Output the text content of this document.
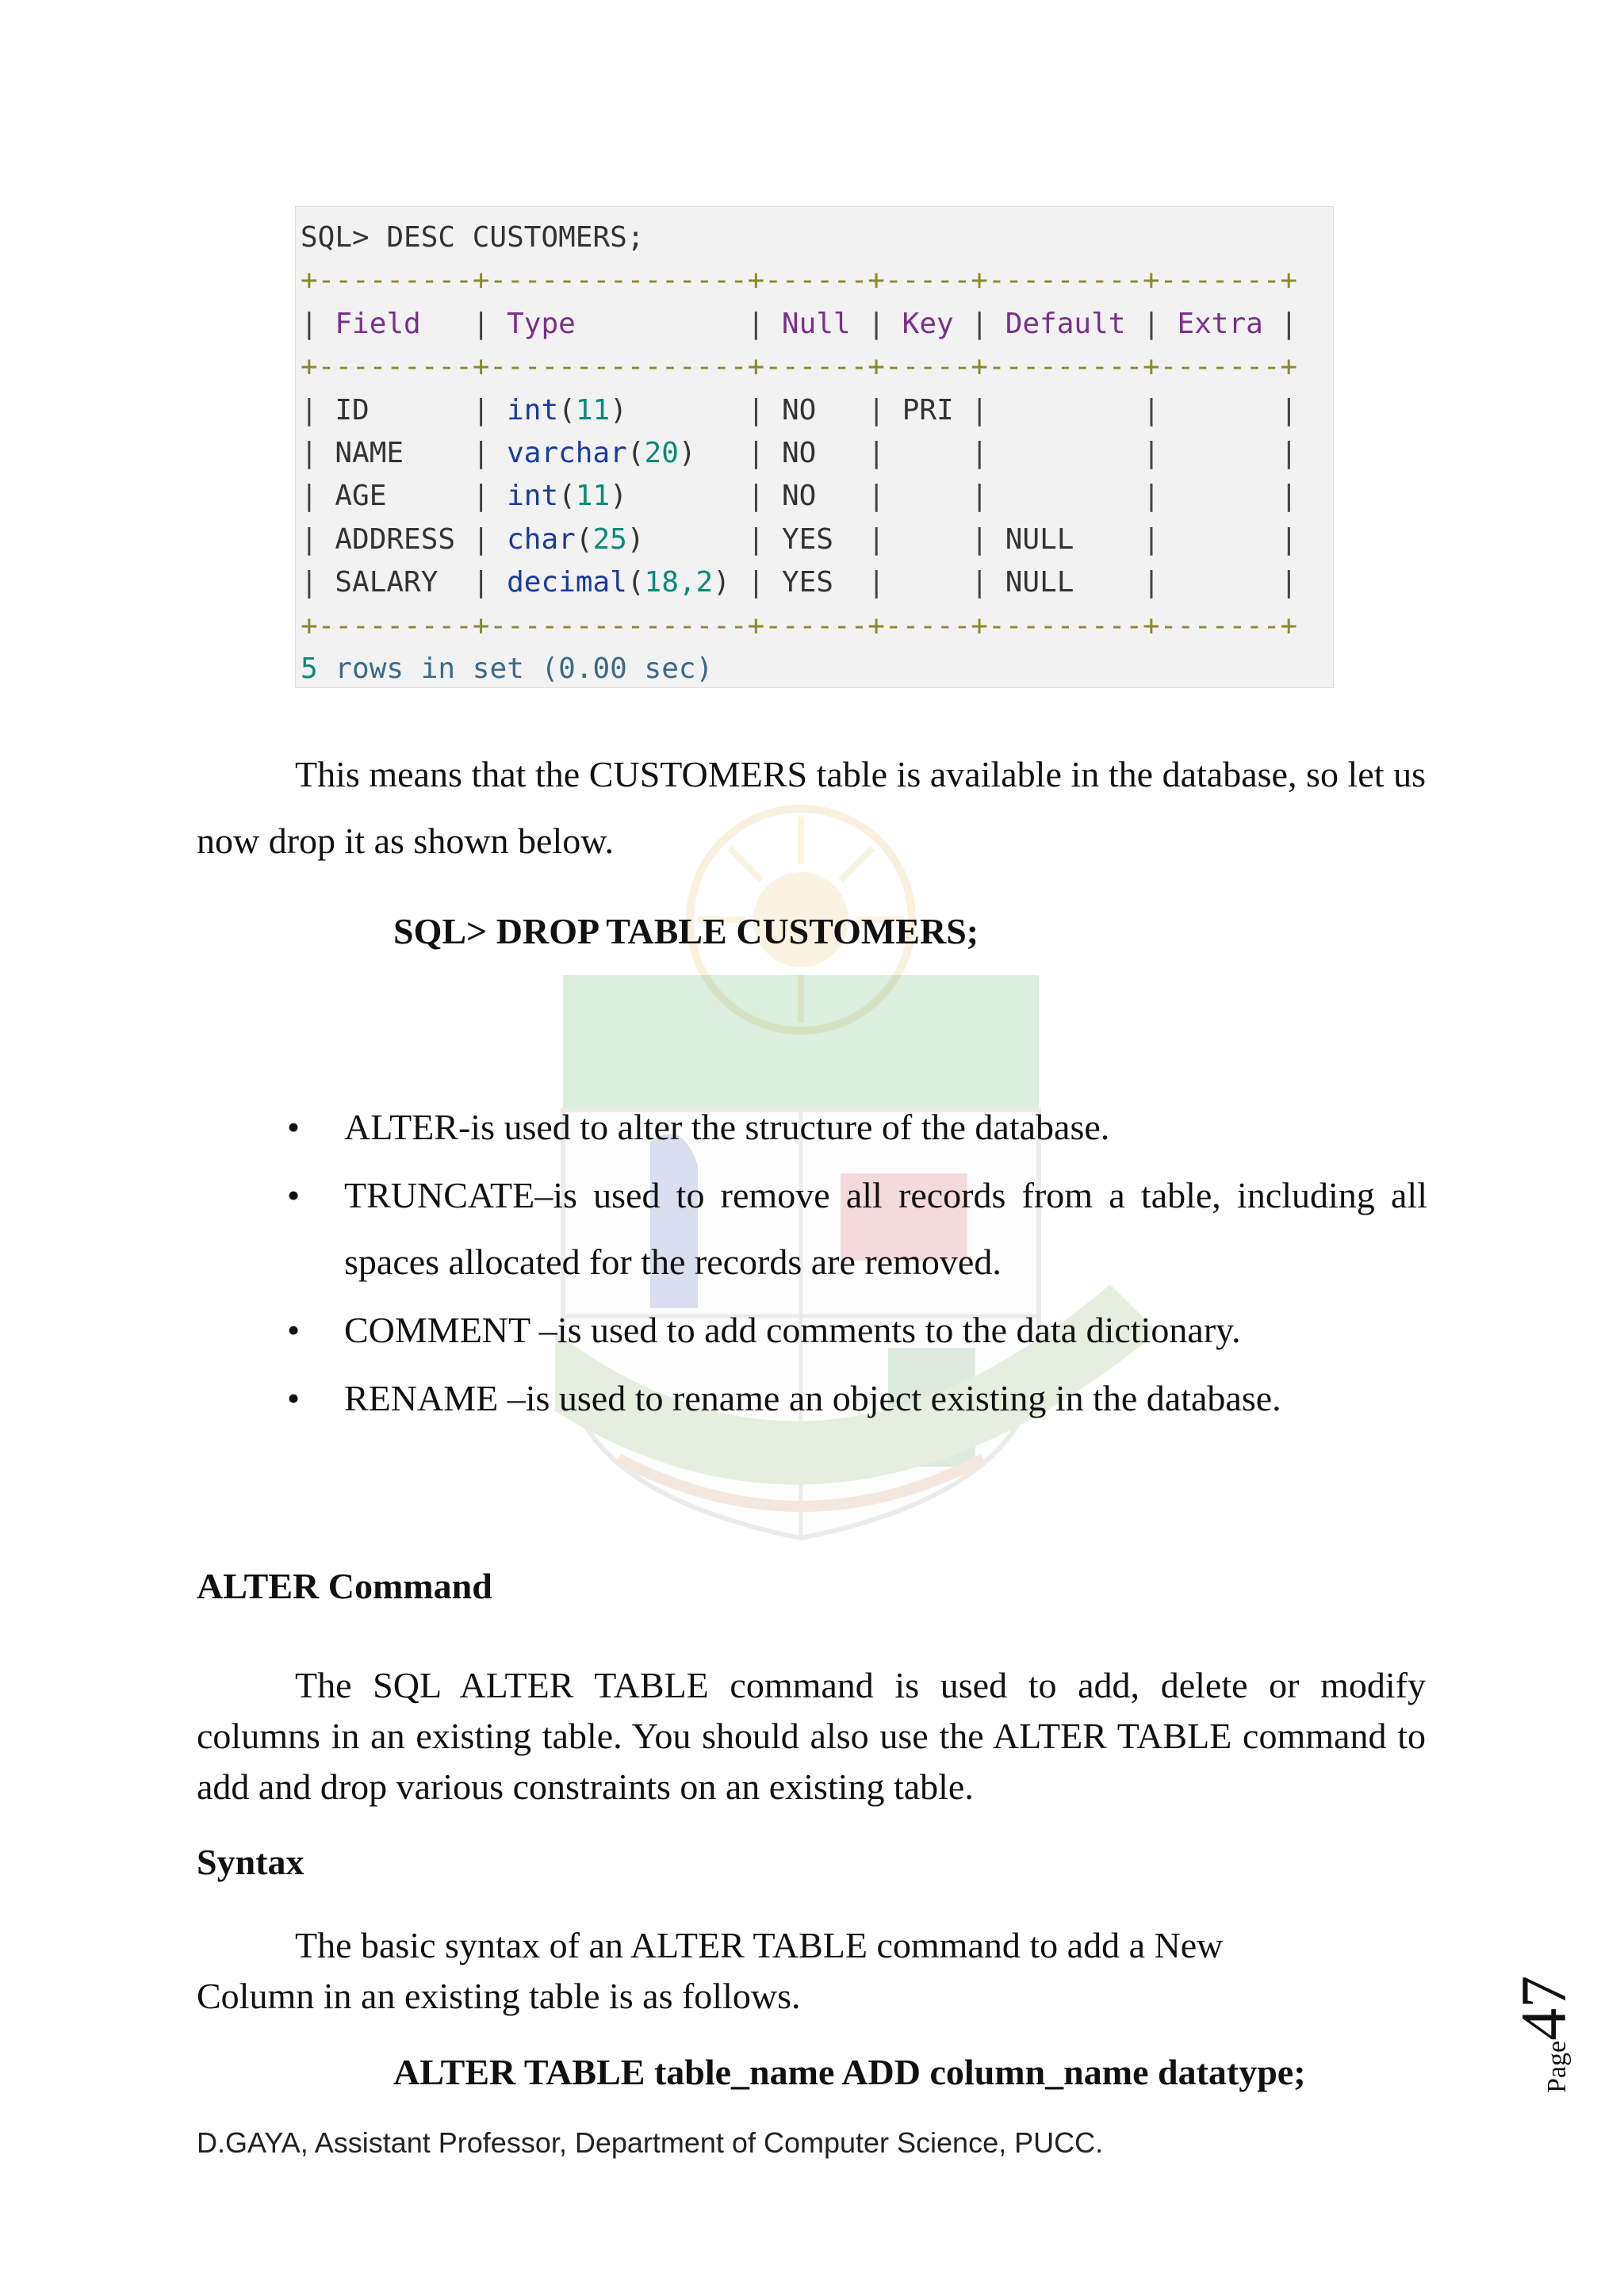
SQL> DESC CUSTOMERS;
+---------+---------------+------+-----+---------+-------+
| Field   | Type          | Null | Key | Default | Extra |
+---------+---------------+------+-----+---------+-------+
| ID      | int(11)	| NO   | PRI |	|	|
| NAME    | varchar(20) | NO   |     |	|	|
| AGE     | int(11)	| NO   |     |	|	|
| ADDRESS | char(25)	| YES  |     | NULL    |	|
| SALARY  | decimal(18,2) | YES  |     | NULL    |	|
+---------+---------------+------+-----+---------+-------+
5 rows in set (0.00 sec)
This means that the CUSTOMERS table is available in the database, so let us now drop it as shown below.
SQL> DROP TABLE CUSTOMERS;
• ALTER-is used to alter the structure of the database.
• TRUNCATE–is used to remove all records from a table, including all spaces allocated for the records are removed.
• COMMENT –is used to add comments to the data dictionary.
• RENAME –is used to rename an object existing in the database.
ALTER Command
The SQL ALTER TABLE command is used to add, delete or modify columns in an existing table. You should also use the ALTER TABLE command to add and drop various constraints on an existing table.
Syntax
The basic syntax of an ALTER TABLE command to add a New
Column in an existing table is as follows.
ALTER TABLE table_name ADD column_name datatype;
D.GAYA, Assistant Professor, Department of Computer Science, PUCC.
Page47
